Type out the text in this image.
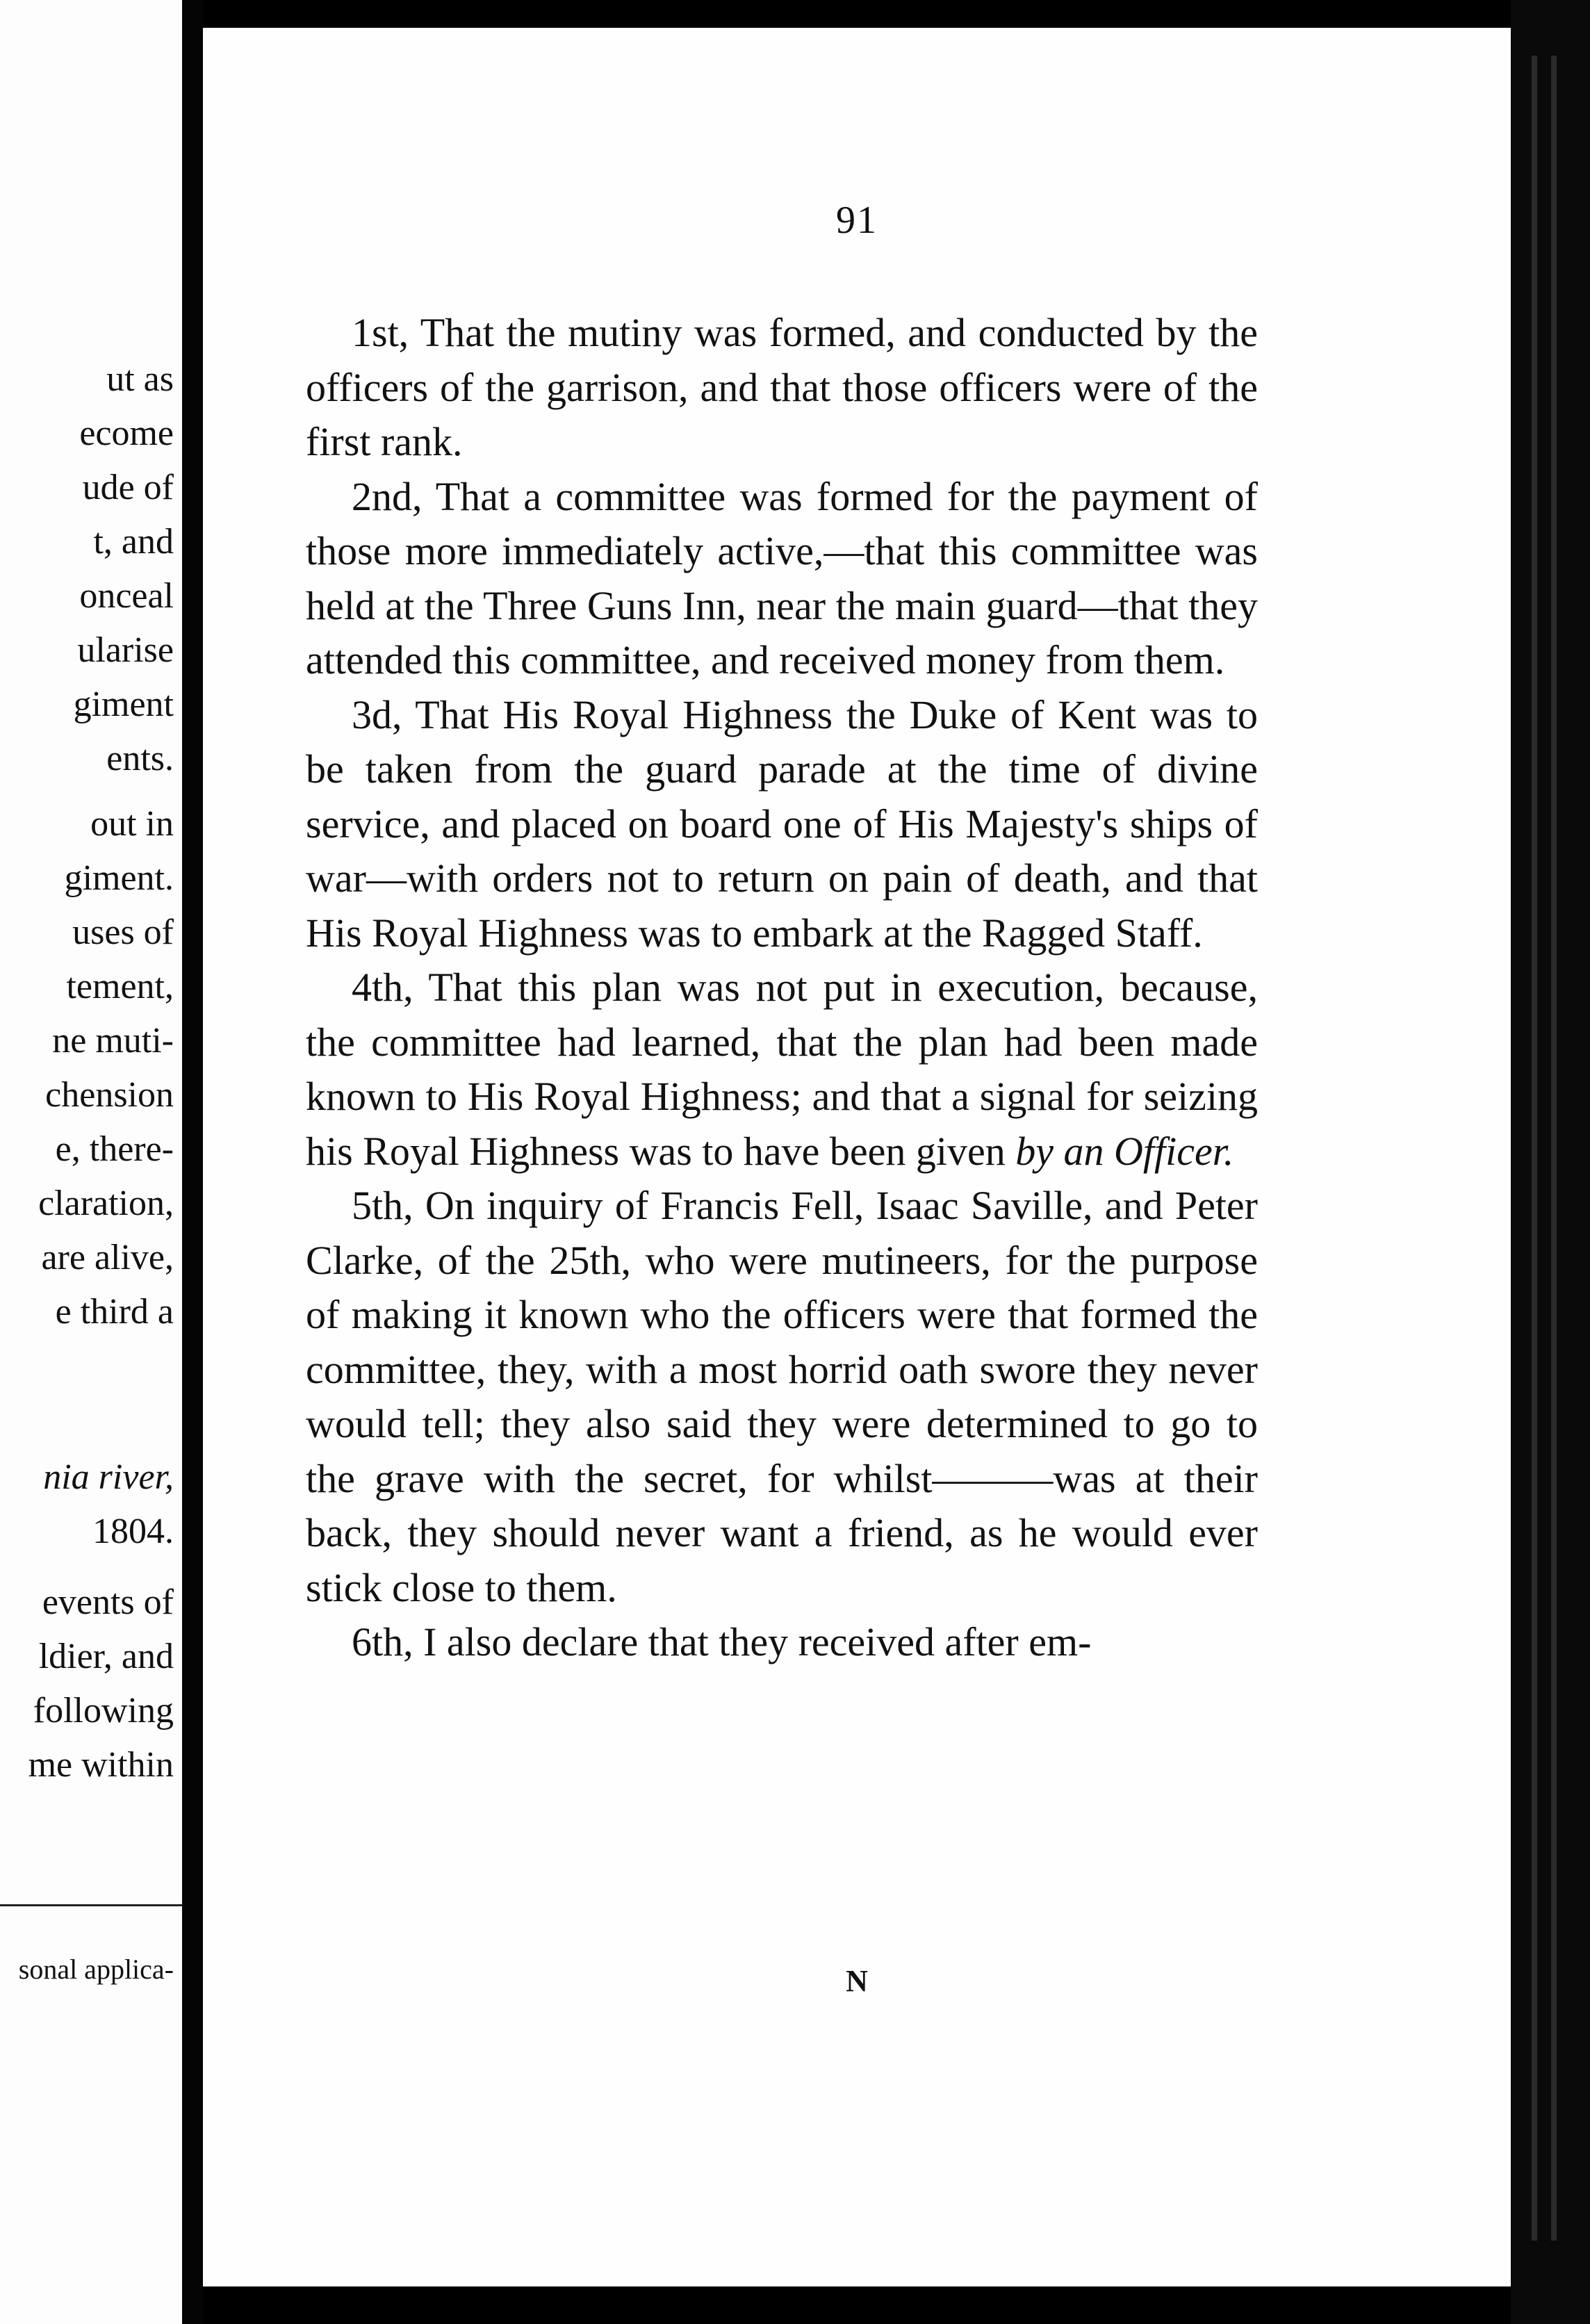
ut as
ecome
ude of
t, and
onceal
ularise
giment
ents.
out in
giment.
uses of
tement,
ne muti-
chension
e, there-
claration,
are alive,
e third a
nia river,
1804.
events of
ldier, and
following
me within
sonal applica-
91

1st, That the mutiny was formed, and conducted by the officers of the garrison, and that those officers were of the first rank.

2nd, That a committee was formed for the payment of those more immediately active,—that this committee was held at the Three Guns Inn, near the main guard—that they attended this committee, and received money from them.

3d, That His Royal Highness the Duke of Kent was to be taken from the guard parade at the time of divine service, and placed on board one of His Majesty's ships of war—with orders not to return on pain of death, and that His Royal Highness was to embark at the Ragged Staff.

4th, That this plan was not put in execution, because, the committee had learned, that the plan had been made known to His Royal Highness; and that a signal for seizing his Royal Highness was to have been given by an Officer.

5th, On inquiry of Francis Fell, Isaac Saville, and Peter Clarke, of the 25th, who were mutineers, for the purpose of making it known who the officers were that formed the committee, they, with a most horrid oath swore they never would tell; they also said they were determined to go to the grave with the secret, for whilst———was at their back, they should never want a friend, as he would ever stick close to them.

6th, I also declare that they received after em-

N
